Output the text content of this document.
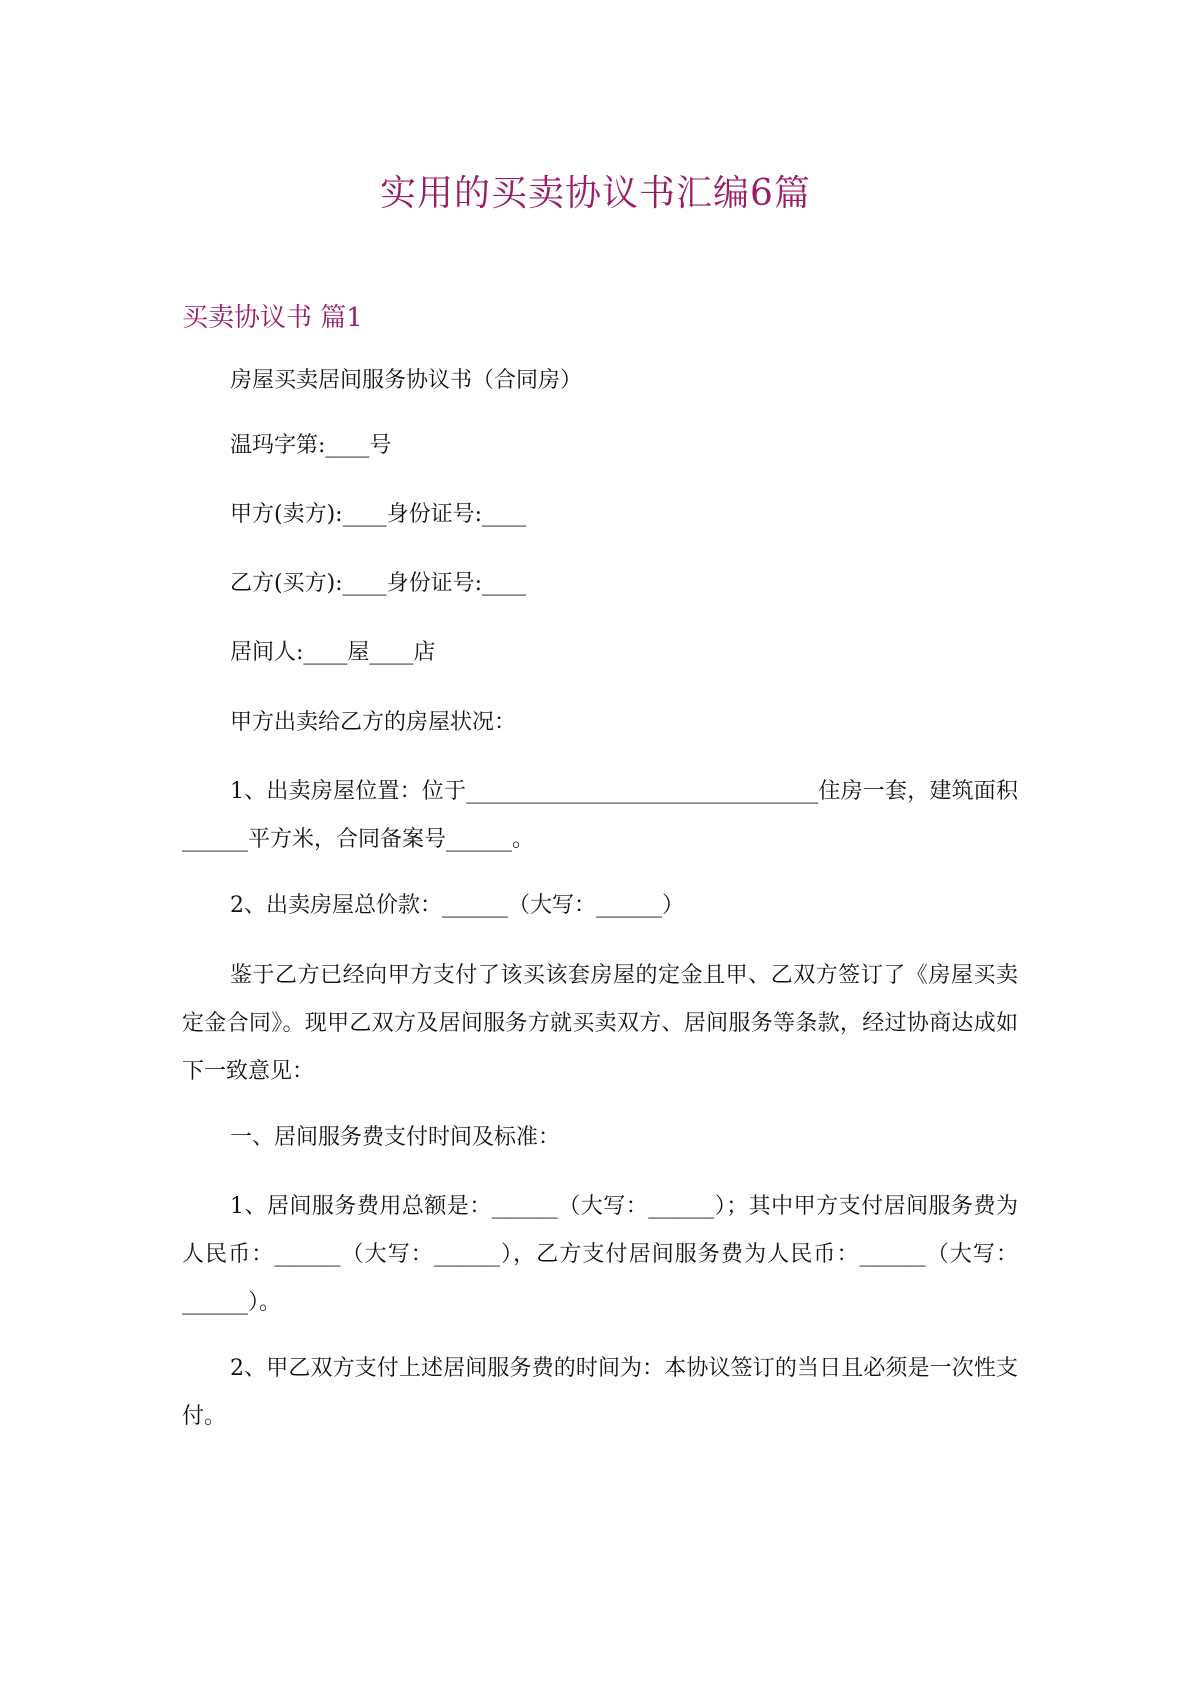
实用的买卖协议书汇编6篇
买卖协议书 篇1

房屋买卖居间服务协议书（合同房）

温玛字第:____号

甲方(卖方):____身份证号:____

乙方(买方):____身份证号:____

居间人:____屋____店

甲方出卖给乙方的房屋状况：

1、出卖房屋位置：位于________________________________住房一套，建筑面积______平方米，合同备案号______。

2、出卖房屋总价款：______（大写：______）

鉴于乙方已经向甲方支付了该买该套房屋的定金且甲、乙双方签订了《房屋买卖定金合同》。现甲乙双方及居间服务方就买卖双方、居间服务等条款，经过协商达成如下一致意见：

一、居间服务费支付时间及标准：

1、居间服务费用总额是：______（大写：______）；其中甲方支付居间服务费为人民币：______（大写：______），乙方支付居间服务费为人民币：______（大写：______）。

2、甲乙双方支付上述居间服务费的时间为：本协议签订的当日且必须是一次性支付。
